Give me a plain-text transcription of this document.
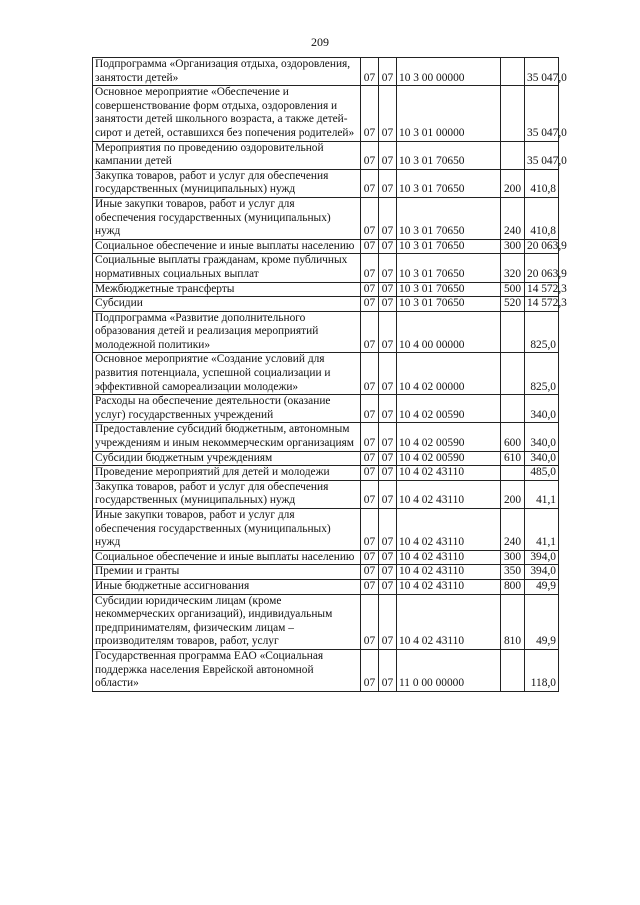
209
Подпрограмма «Организация отдыха, оздоровления, занятости детей»	07	07	10 3 00 00000		35 047,0
Основное мероприятие «Обеспечение и совершенствование форм отдыха, оздоровления и занятости детей школьного возраста, а также детей-сирот и детей, оставшихся без попечения родителей»	07	07	10 3 01 00000		35 047,0
Мероприятия по проведению оздоровительной кампании детей	07	07	10 3 01 70650		35 047,0
Закупка товаров, работ и услуг для обеспечения государственных (муниципальных) нужд	07	07	10 3 01 70650	200	410,8
Иные закупки товаров, работ и услуг для обеспечения государственных (муниципальных) нужд	07	07	10 3 01 70650	240	410,8
Социальное обеспечение и иные выплаты населению	07	07	10 3 01 70650	300	20 063,9
Социальные выплаты гражданам, кроме публичных нормативных социальных выплат	07	07	10 3 01 70650	320	20 063,9
Межбюджетные трансферты	07	07	10 3 01 70650	500	14 572,3
Субсидии	07	07	10 3 01 70650	520	14 572,3
Подпрограмма «Развитие дополнительного образования детей и реализация мероприятий молодежной политики»	07	07	10 4 00 00000		825,0
Основное мероприятие «Создание условий для развития потенциала, успешной социализации и эффективной самореализации молодежи»	07	07	10 4 02 00000		825,0
Расходы на обеспечение деятельности (оказание услуг) государственных учреждений	07	07	10 4 02 00590		340,0
Предоставление субсидий бюджетным, автономным учреждениям и иным некоммерческим организациям	07	07	10 4 02 00590	600	340,0
Субсидии бюджетным учреждениям	07	07	10 4 02 00590	610	340,0
Проведение мероприятий для детей и молодежи	07	07	10 4 02 43110		485,0
Закупка товаров, работ и услуг для обеспечения государственных (муниципальных) нужд	07	07	10 4 02 43110	200	41,1
Иные закупки товаров, работ и услуг для обеспечения государственных (муниципальных) нужд	07	07	10 4 02 43110	240	41,1
Социальное обеспечение и иные выплаты населению	07	07	10 4 02 43110	300	394,0
Премии и гранты	07	07	10 4 02 43110	350	394,0
Иные бюджетные ассигнования	07	07	10 4 02 43110	800	49,9
Субсидии юридическим лицам (кроме некоммерческих организаций), индивидуальным предпринимателям, физическим лицам – производителям товаров, работ, услуг	07	07	10 4 02 43110	810	49,9
Государственная программа ЕАО «Социальная поддержка населения Еврейской автономной области»	07	07	11 0 00 00000		118,0
